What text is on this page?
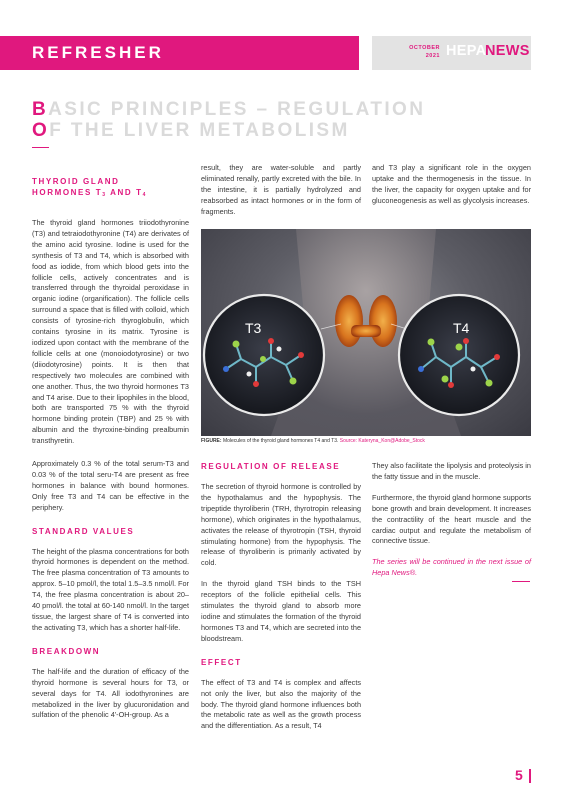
REFRESHER	OCTOBER
2021 HEPA
NEWS
BASIC PRINCIPLES – REGULATION
OF THE LIVER METABOLISM
THYROID GLAND
HORMONES $T_3$ AND $T_4$

The thyroid gland hormones triiodothyronine (T3) and tetraiodothyronine (T4) are derivates of the amino acid tyrosine. Iodine is used for the synthesis of T3 and T4, which is absorbed with food as iodide, from which blood gets into the follicle cells, actively concentrates and is transferred through the thyroidal peroxidase in organic iodine (organification). The follicle cells surround a space that is filled with colloid, which consists of tyrosine-rich thyroglobulin, which contains tyrosine in its matrix. Tyrosine is iodized upon contact with the membrane of the follicle cells at one (monoiodotyrosine) or two (diiodotyrosine) points. It is then that respectively two molecules are combined with one another. Thus, the two thyroid hormones T3 and T4 arise. Due to their lipophiles in the blood, both are transported 75 % with the thyroid hormone binding protein (TBP) and 25 % with albumin and the thyroxine-binding prealbumin transthyretin.

Approximately 0.3 % of the total serum-T3 and 0.03 % of the total seru-T4 are present as free hormones in balance with bound hormones. Only free T3 and T4 can be effective in the periphery.

STANDARD VALUES

The height of the plasma concentrations for both thyroid hormones is dependent on the method. The free plasma concentration of T3 amounts to approx. 5–10 pmol/l, the total 1.5–3.5 nmol/l. For T4, the free plasma concentration is about 20–40 pmol/l. the total at 60-140 nmol/l. In the target tissue, the largest share of T4 is converted into the activating T3, which has a shorter half-life.

BREAKDOWN

The half-life and the duration of efficacy of the thyroid hormone is several hours for T3, or several days for T4. All iodothyronines are metabolized in the liver by glucuronidation and sulfation of the phenolic 4'-OH-group. As a

result, they are water-soluble and partly eliminated renally, partly excreted with the bile. In the intestine, it is partially hydrolyzed and reabsorbed as intact hormones or in the form of fragments.

and T3 play a significant role in the oxygen uptake and the thermogenesis in the tissue. In the liver, the capacity for oxygen uptake and for gluconeogenesis as well as glycolysis increases.

T3	T4
FIGURE: Molecules of the thyroid gland hormones T4 and T3. Source: Kateryna_Kon@Adobe_Stock
REGULATION OF RELEASE

The secretion of thyroid hormone is controlled by the hypothalamus and the hypophysis. The tripeptide thyroliberin (TRH, thyrotropin releasing hormone), which originates in the hypothalamus, activates the release of thyrotropin (TSH, thyroid stimulating hormone) from the hypophysis. The release of thyroliberin is primarily activated by cold.

In the thyroid gland TSH binds to the TSH receptors of the follicle epithelial cells. This stimulates the thyroid gland to absorb more iodine and stimulates the formation of the thyroid hormones T3 and T4, which are secreted into the bloodstream.

EFFECT

The effect of T3 and T4 is complex and affects not only the liver, but also the majority of the body. The thyroid gland hormone influences both the metabolic rate as well as the growth process and the differentiation. As a result, T4

They also facilitate the lipolysis and proteolysis in the fatty tissue and in the muscle.

Furthermore, the thyroid gland hormone supports bone growth and brain development. It increases the contractility of the heart muscle and the cardiac output and regulate the metabolism of connective tissue.

The series will be continued in the next issue of Hepa News®.

5
